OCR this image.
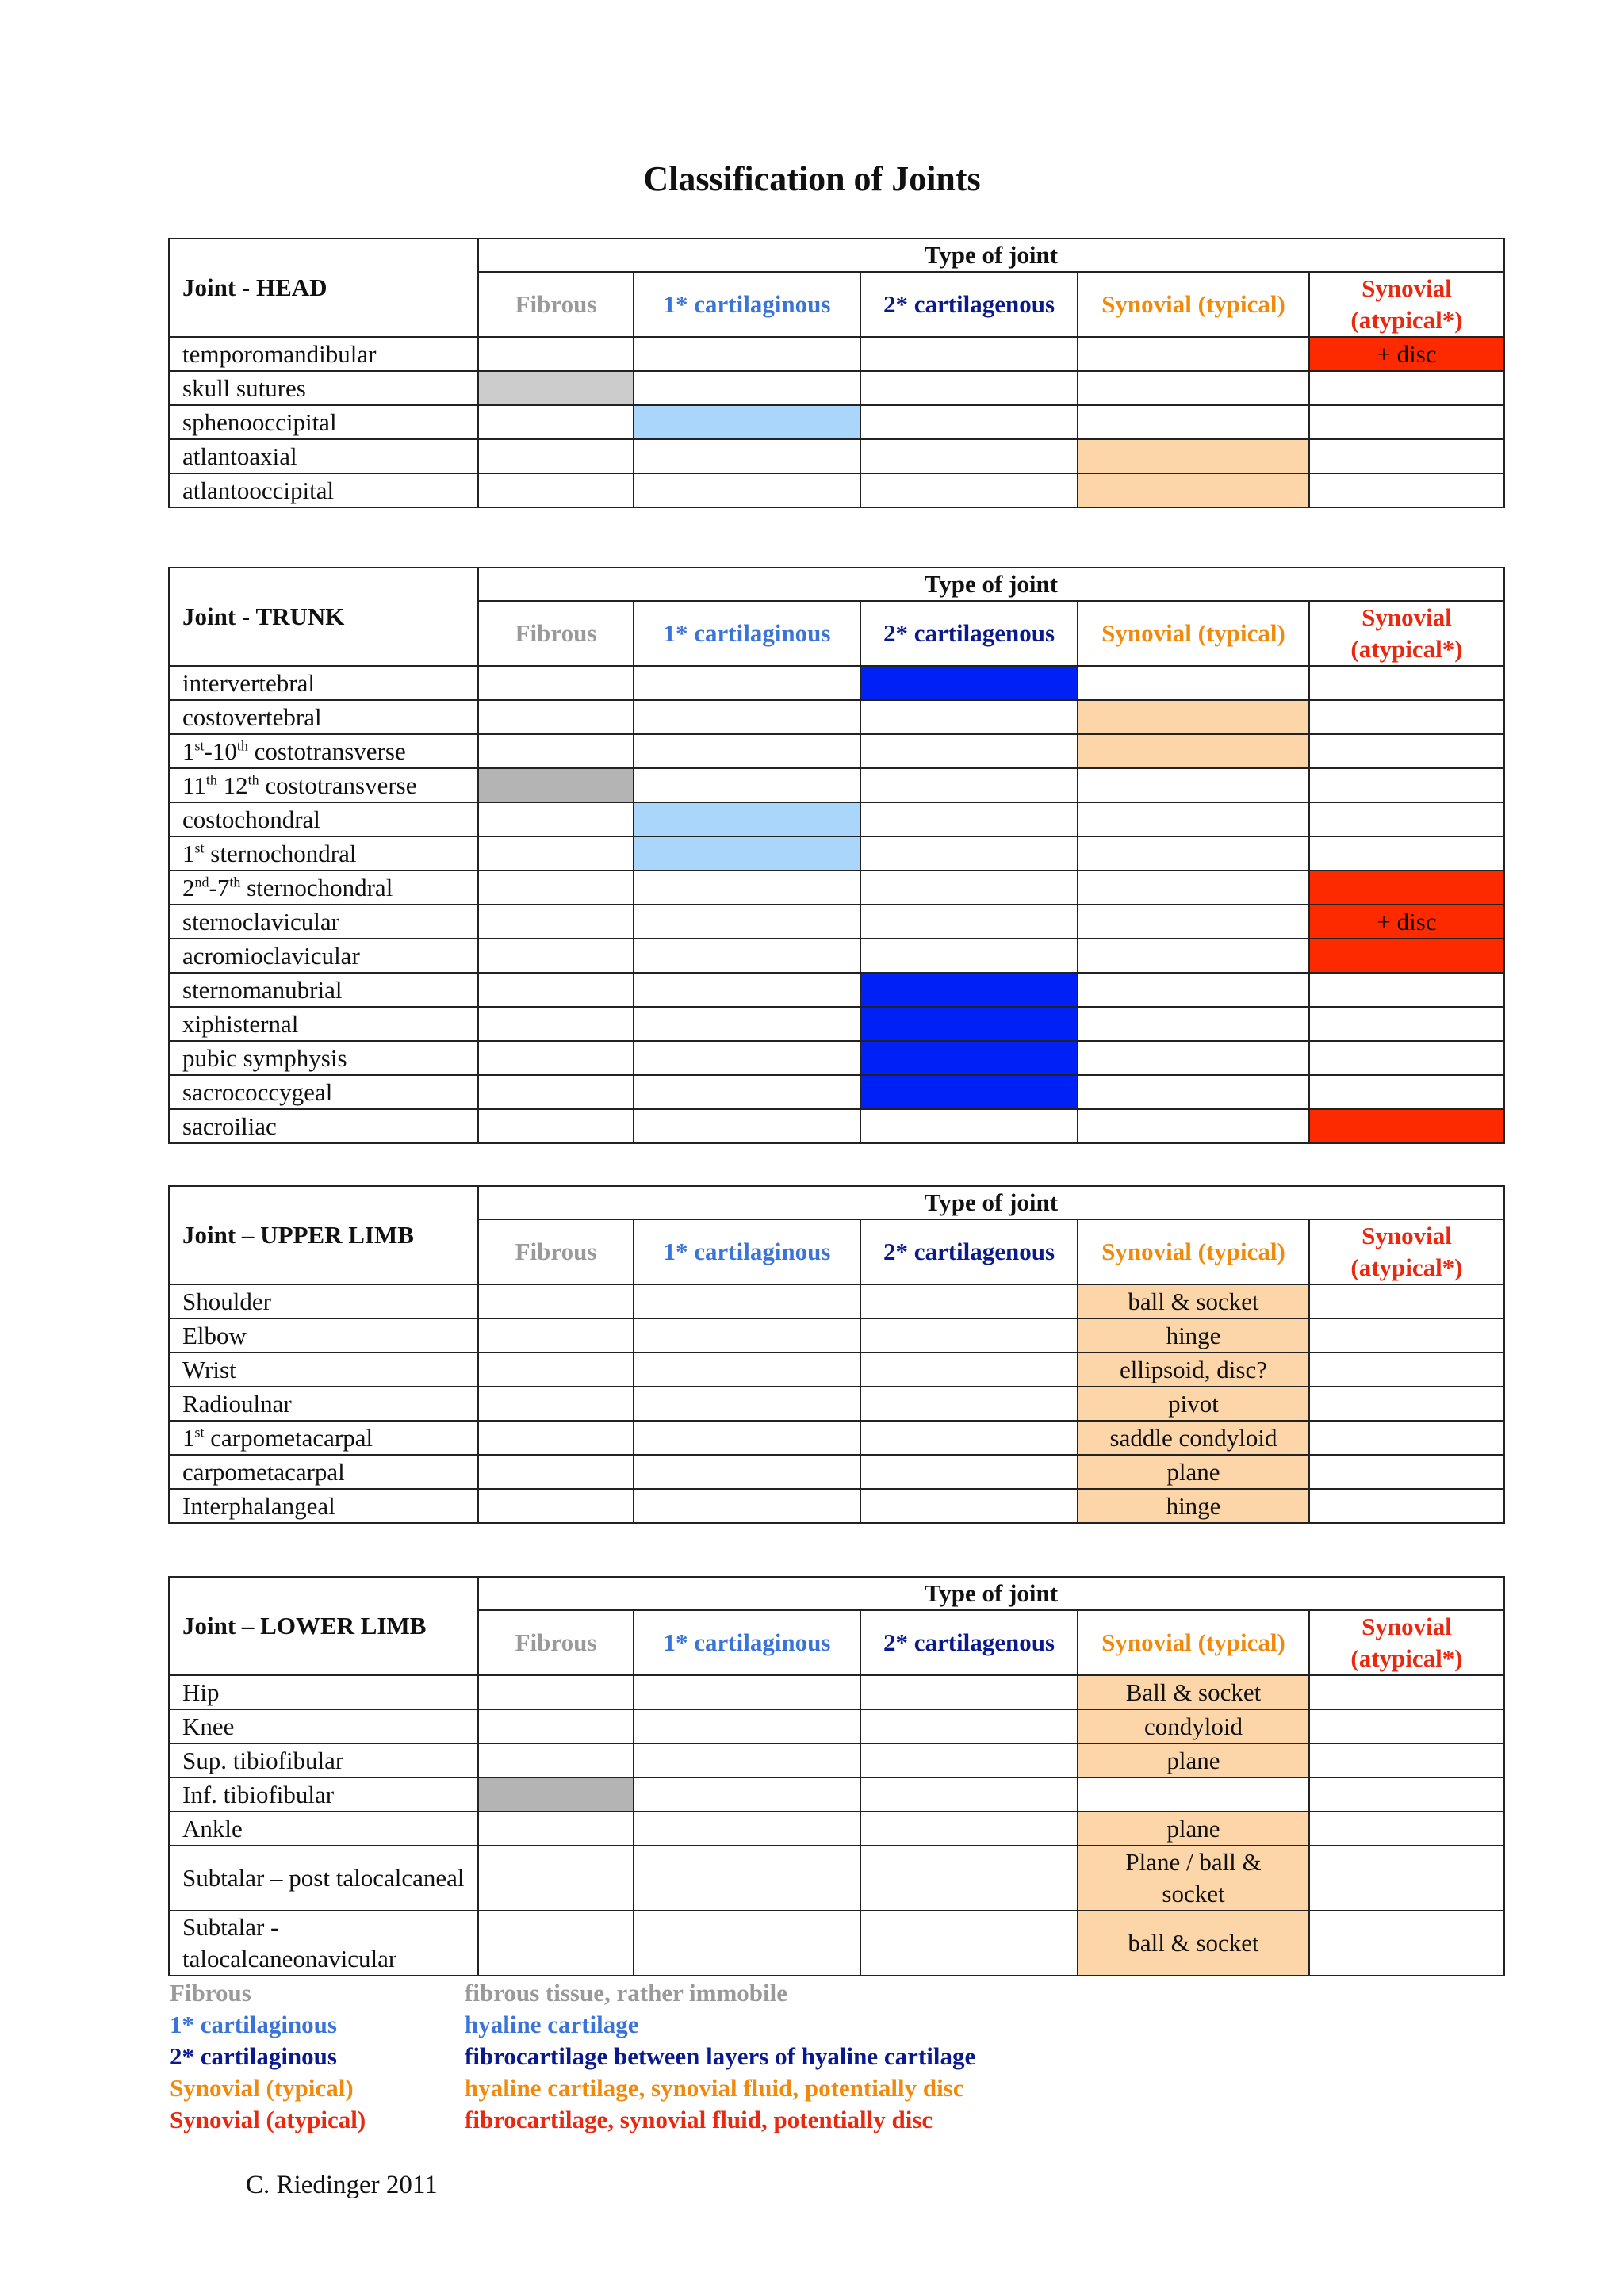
Classification of Joints
Joint - HEAD	Type of joint				
	Fibrous	1* cartilaginous	2* cartilagenous	Synovial (typical)	Synovial (atypical*)
temporomandibular					+ disc
skull sutures					
sphenooccipital					
atlantoaxial					
atlantooccipital					
Joint - TRUNK	Type of joint				
	Fibrous	1* cartilaginous	2* cartilagenous	Synovial (typical)	Synovial (atypical*)
intervertebral					
costovertebral					
1st-10th costotransverse					
11th 12th costotransverse					
costochondral					
1st sternochondral					
2nd-7th sternochondral					
sternoclavicular					+ disc
acromioclavicular					
sternomanubrial					
xiphisternal					
pubic symphysis					
sacrococcygeal					
sacroiliac					
Joint – UPPER LIMB	Type of joint				
	Fibrous	1* cartilaginous	2* cartilagenous	Synovial (typical)	Synovial (atypical*)
Shoulder				ball & socket	
Elbow				hinge	
Wrist				ellipsoid, disc?	
Radioulnar				pivot	
1st carpometacarpal				saddle condyloid	
carpometacarpal				plane	
Interphalangeal				hinge	
Joint – LOWER LIMB	Type of joint				
	Fibrous	1* cartilaginous	2* cartilagenous	Synovial (typical)	Synovial (atypical*)
Hip				Ball & socket	
Knee				condyloid	
Sup. tibiofibular				plane	
Inf. tibiofibular					
Ankle				plane	
Subtalar – post talocalcaneal				Plane / ball & socket	
Subtalar - talocalcaneonavicular				ball & socket	
Fibrous	fibrous tissue, rather immobile
1* cartilaginous	hyaline cartilage
2* cartilaginous	fibrocartilage between layers of hyaline cartilage
Synovial (typical)	hyaline cartilage, synovial fluid, potentially disc
Synovial (atypical)	fibrocartilage, synovial fluid, potentially disc
C. Riedinger 2011
